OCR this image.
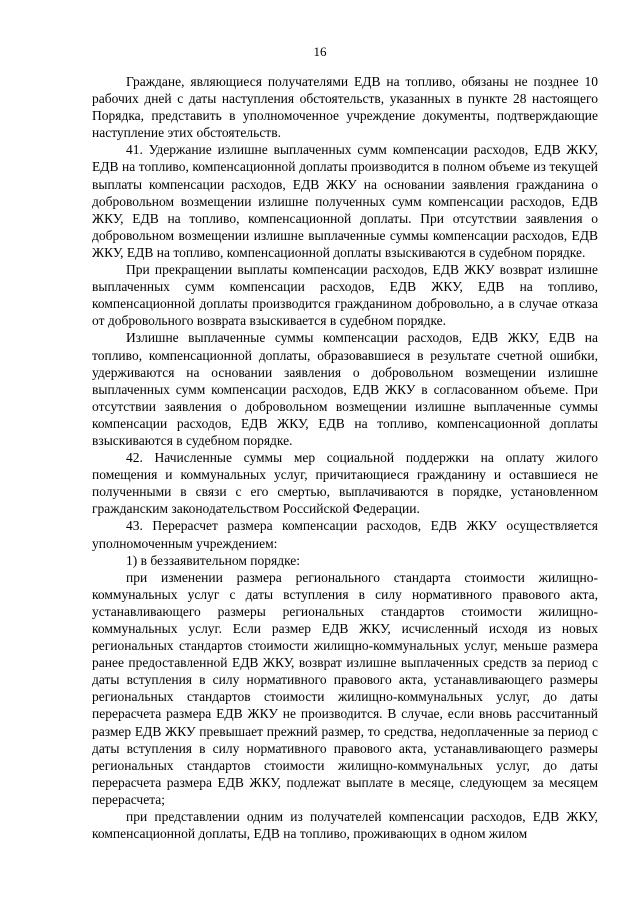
16

Граждане, являющиеся получателями ЕДВ на топливо, обязаны не позднее 10 рабочих дней с даты наступления обстоятельств, указанных в пункте 28 настоящего Порядка, представить в уполномоченное учреждение документы, подтверждающие наступление этих обстоятельств.

41. Удержание излишне выплаченных сумм компенсации расходов, ЕДВ ЖКУ, ЕДВ на топливо, компенсационной доплаты производится в полном объеме из текущей выплаты компенсации расходов, ЕДВ ЖКУ на основании заявления гражданина о добровольном возмещении излишне полученных сумм компенсации расходов, ЕДВ ЖКУ, ЕДВ на топливо, компенсационной доплаты. При отсутствии заявления о добровольном возмещении излишне выплаченные суммы компенсации расходов, ЕДВ ЖКУ, ЕДВ на топливо, компенсационной доплаты взыскиваются в судебном порядке.

При прекращении выплаты компенсации расходов, ЕДВ ЖКУ возврат излишне выплаченных сумм компенсации расходов, ЕДВ ЖКУ, ЕДВ на топливо, компенсационной доплаты производится гражданином добровольно, а в случае отказа от добровольного возврата взыскивается в судебном порядке.

Излишне выплаченные суммы компенсации расходов, ЕДВ ЖКУ, ЕДВ на топливо, компенсационной доплаты, образовавшиеся в результате счетной ошибки, удерживаются на основании заявления о добровольном возмещении излишне выплаченных сумм компенсации расходов, ЕДВ ЖКУ в согласованном объеме. При отсутствии заявления о добровольном возмещении излишне выплаченные суммы компенсации расходов, ЕДВ ЖКУ, ЕДВ на топливо, компенсационной доплаты взыскиваются в судебном порядке.

42. Начисленные суммы мер социальной поддержки на оплату жилого помещения и коммунальных услуг, причитающиеся гражданину и оставшиеся не полученными в связи с его смертью, выплачиваются в порядке, установленном гражданским законодательством Российской Федерации.

43. Перерасчет размера компенсации расходов, ЕДВ ЖКУ осуществляется уполномоченным учреждением:

1) в беззаявительном порядке:

при изменении размера регионального стандарта стоимости жилищно-коммунальных услуг с даты вступления в силу нормативного правового акта, устанавливающего размеры региональных стандартов стоимости жилищно-коммунальных услуг. Если размер ЕДВ ЖКУ, исчисленный исходя из новых региональных стандартов стоимости жилищно-коммунальных услуг, меньше размера ранее предоставленной ЕДВ ЖКУ, возврат излишне выплаченных средств за период с даты вступления в силу нормативного правового акта, устанавливающего размеры региональных стандартов стоимости жилищно-коммунальных услуг, до даты перерасчета размера ЕДВ ЖКУ не производится. В случае, если вновь рассчитанный размер ЕДВ ЖКУ превышает прежний размер, то средства, недоплаченные за период с даты вступления в силу нормативного правового акта, устанавливающего размеры региональных стандартов стоимости жилищно-коммунальных услуг, до даты перерасчета размера ЕДВ ЖКУ, подлежат выплате в месяце, следующем за месяцем перерасчета;

при представлении одним из получателей компенсации расходов, ЕДВ ЖКУ, компенсационной доплаты, ЕДВ на топливо, проживающих в одном жилом
